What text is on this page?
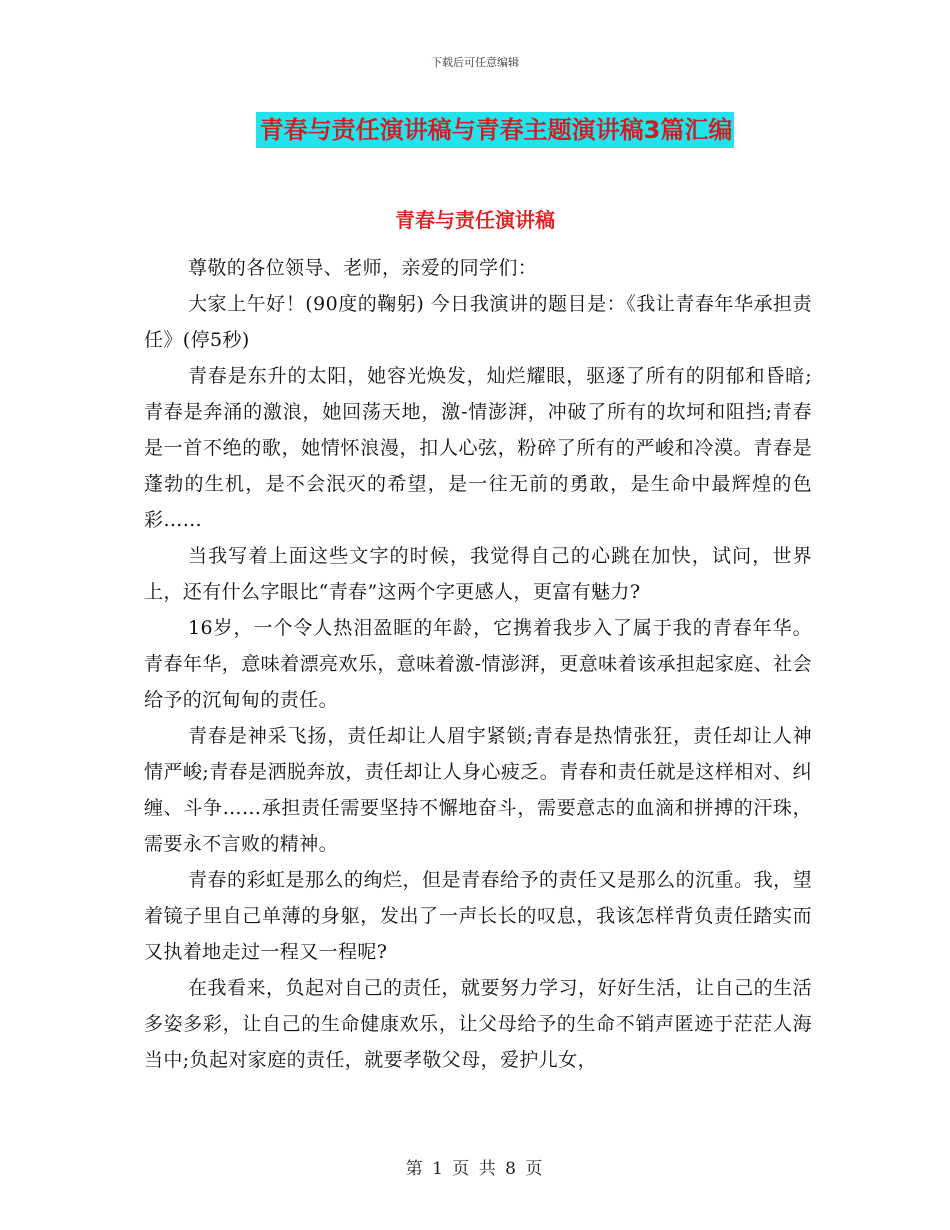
下载后可任意编辑
青春与责任演讲稿与青春主题演讲稿3篇汇编
青春与责任演讲稿

尊敬的各位领导、老师，亲爱的同学们：

大家上午好！(90度的鞠躬) 今日我演讲的题目是：《我让青春年华承担责任》(停5秒)

青春是东升的太阳，她容光焕发，灿烂耀眼，驱逐了所有的阴郁和昏暗;青春是奔涌的激浪，她回荡天地，激-情澎湃，冲破了所有的坎坷和阻挡;青春是一首不绝的歌，她情怀浪漫，扣人心弦，粉碎了所有的严峻和冷漠。青春是蓬勃的生机，是不会泯灭的希望，是一往无前的勇敢，是生命中最辉煌的色彩……

当我写着上面这些文字的时候，我觉得自己的心跳在加快，试问，世界上，还有什么字眼比“青春”这两个字更感人，更富有魅力?

16岁，一个令人热泪盈眶的年龄，它携着我步入了属于我的青春年华。青春年华，意味着漂亮欢乐，意味着激-情澎湃，更意味着该承担起家庭、社会给予的沉甸甸的责任。

青春是神采飞扬，责任却让人眉宇紧锁;青春是热情张狂，责任却让人神情严峻;青春是洒脱奔放，责任却让人身心疲乏。青春和责任就是这样相对、纠缠、斗争……承担责任需要坚持不懈地奋斗，需要意志的血滴和拼搏的汗珠，需要永不言败的精神。

青春的彩虹是那么的绚烂，但是青春给予的责任又是那么的沉重。我，望着镜子里自己单薄的身躯，发出了一声长长的叹息，我该怎样背负责任踏实而又执着地走过一程又一程呢?

在我看来，负起对自己的责任，就要努力学习，好好生活，让自己的生活多姿多彩，让自己的生命健康欢乐，让父母给予的生命不销声匿迹于茫茫人海当中;负起对家庭的责任，就要孝敬父母，爱护儿女，

第 1 页 共 8 页
